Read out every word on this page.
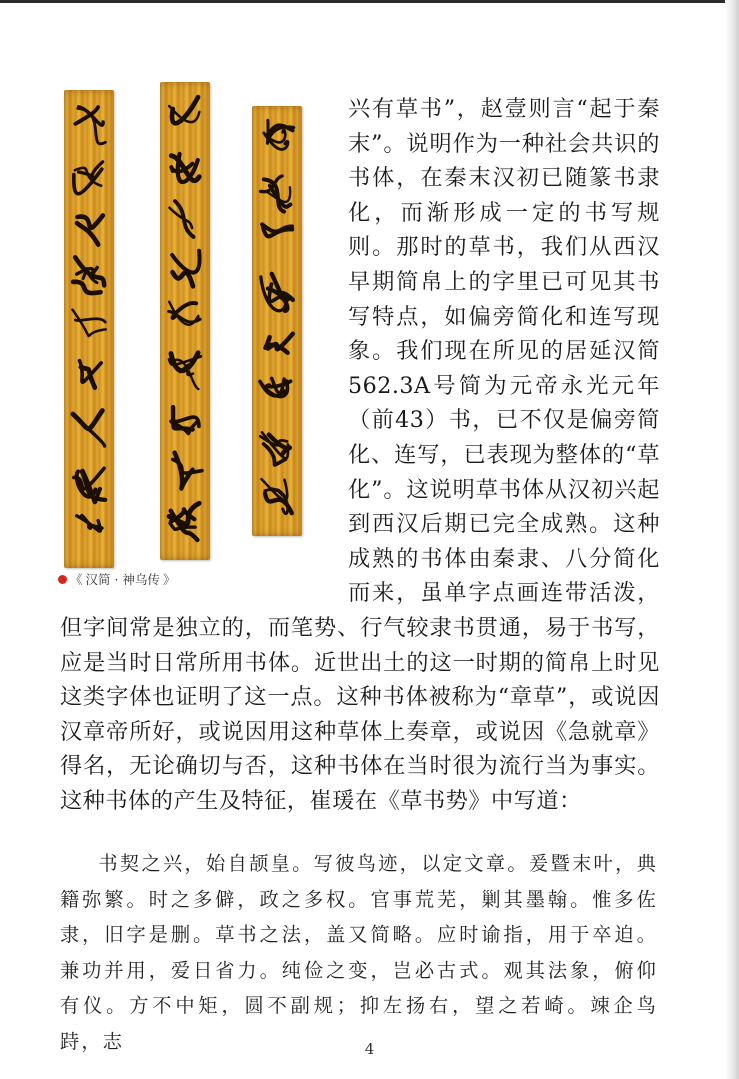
《 汉简 · 神乌传 》

兴有草书”，赵壹则言“起于秦末”。说明作为一种社会共识的书体，在秦末汉初已随篆书隶化，而渐形成一定的书写规则。那时的草书，我们从西汉早期简帛上的字里已可见其书写特点，如偏旁简化和连写现象。我们现在所见的居延汉简562.3A号简为元帝永光元年（前43）书，已不仅是偏旁简化、连写，已表现为整体的“草化”。这说明草书体从汉初兴起到西汉后期已完全成熟。这种成熟的书体由秦隶、八分简化而来，虽单字点画连带活泼，但字间常是独立的，而笔势、行气较隶书贯通，易于书写，应是当时日常所用书体。近世出土的这一时期的简帛上时见这类字体也证明了这一点。这种书体被称为“章草”，或说因汉章帝所好，或说因用这种草体上奏章，或说因《急就章》得名，无论确切与否，这种书体在当时很为流行当为事实。这种书体的产生及特征，崔瑗在《草书势》中写道：

书契之兴，始自颉皇。写彼鸟迹，以定文章。爰暨末叶，典籍弥繁。时之多僻，政之多权。官事荒芜，剿其墨翰。惟多佐隶，旧字是删。草书之法，盖又简略。应时谕指，用于卒迫。兼功并用，爱日省力。纯俭之变，岂必古式。观其法象，俯仰有仪。方不中矩，圆不副规；抑左扬右，望之若崎。竦企鸟跱，志	4
